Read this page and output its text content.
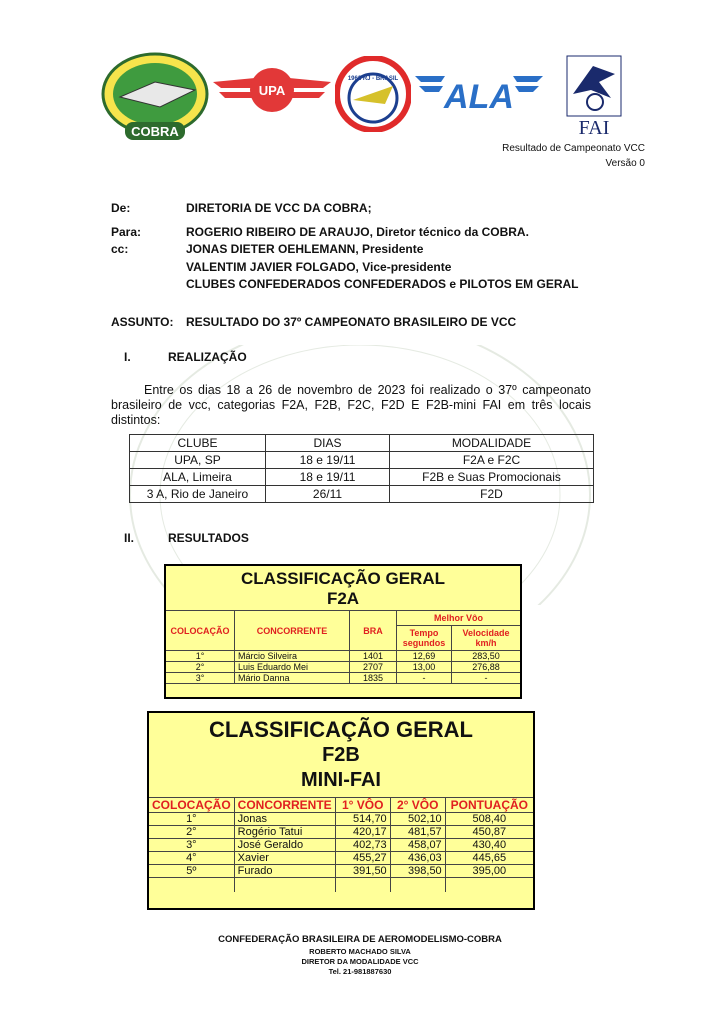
COBRA
UPA
1962 RJ - BRASIL ALA
FAI
Resultado de Campeonato VCC
Versão 0
De:	DIRETORIA DE VCC DA COBRA;
Para:	ROGERIO RIBEIRO DE ARAUJO, Diretor técnico da COBRA.
cc:	JONAS DIETER OEHLEMANN, Presidente
VALENTIM JAVIER FOLGADO, Vice-presidente
CLUBES CONFEDERADOS CONFEDERADOS e PILOTOS EM GERAL
ASSUNTO: RESULTADO DO 37º CAMPEONATO BRASILEIRO DE VCC
I.	REALIZAÇÃO
Entre os dias 18 a 26 de novembro de 2023 foi realizado o 37º campeonato brasileiro de vcc, categorias F2A, F2B, F2C, F2D E F2B-mini FAI em três locais distintos:
CLUBE	DIAS	MODALIDADE
UPA, SP	18 e 19/11	F2A e F2C
ALA, Limeira	18 e 19/11	F2B e Suas Promocionais
3 A, Rio de Janeiro	26/11	F2D
II.	RESULTADOS
CLASSIFICAÇÃO GERAL
F2A
COLOCAÇÃO	CONCORRENTE	BRA	Melhor Vôo	
			Tempo segundos	Velocidade km/h
1°	Márcio Silveira	1401	12,69	283,50
2°	Luis Eduardo Mei	2707	13,00	276,88
3°	Mário Danna	1835	-	-
CLASSIFICAÇÃO GERAL
F2B
MINI-FAI
COLOCAÇÃO	CONCORRENTE	1° VÔO	2° VÔO	PONTUAÇÃO
1°	Jonas	514,70	502,10	508,40
2°	Rogério Tatui	420,17	481,57	450,87
3°	José Geraldo	402,73	458,07	430,40
4°	Xavier	455,27	436,03	445,65
5º	Furado	391,50	398,50	395,00

CONFEDERAÇÃO BRASILEIRA DE AEROMODELISMO-COBRA
ROBERTO MACHADO SILVA
DIRETOR DA MODALIDADE VCC
Tel. 21-981887630
